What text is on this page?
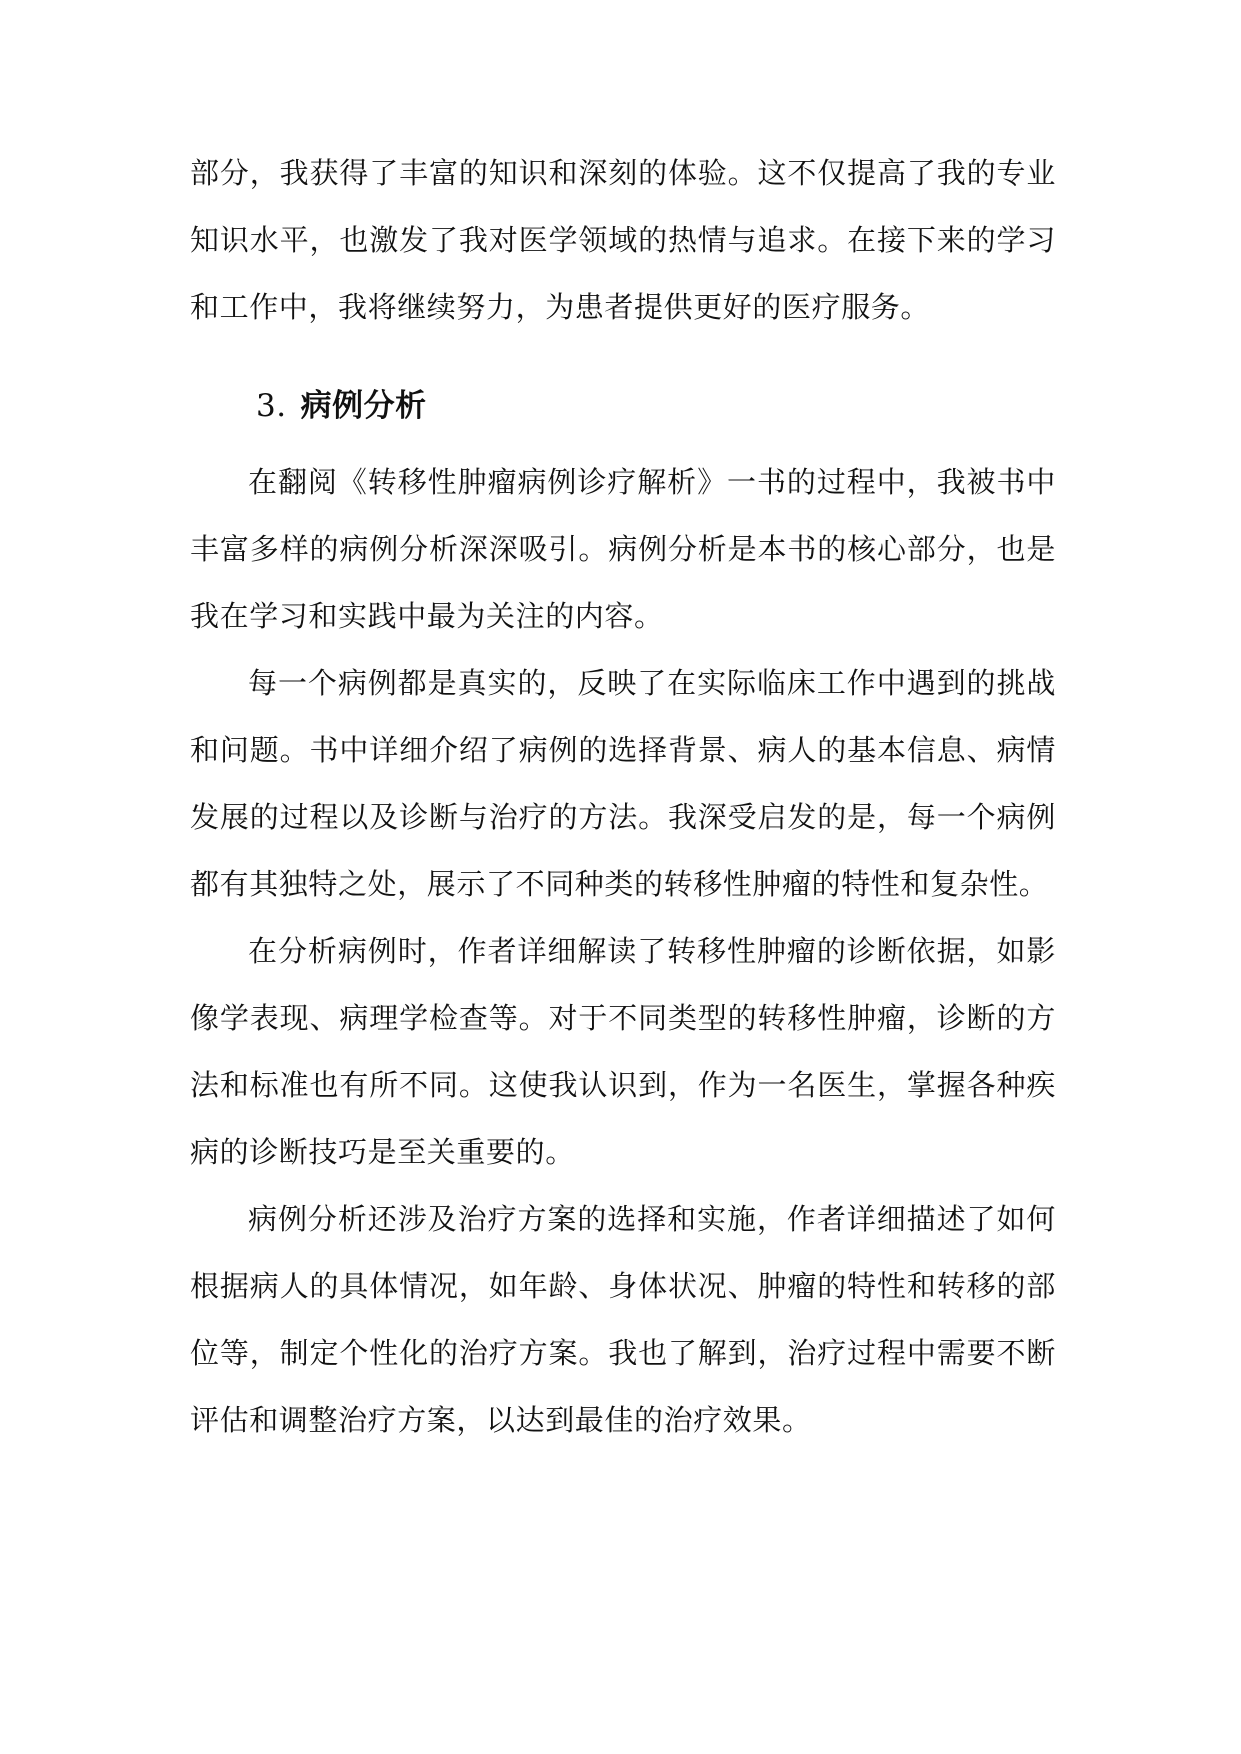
部分，我获得了丰富的知识和深刻的体验。这不仅提高了我的专业知识水平，也激发了我对医学领域的热情与追求。在接下来的学习和工作中，我将继续努力，为患者提供更好的医疗服务。

3. 病例分析

在翻阅《转移性肿瘤病例诊疗解析》一书的过程中，我被书中丰富多样的病例分析深深吸引。病例分析是本书的核心部分，也是我在学习和实践中最为关注的内容。

每一个病例都是真实的，反映了在实际临床工作中遇到的挑战和问题。书中详细介绍了病例的选择背景、病人的基本信息、病情发展的过程以及诊断与治疗的方法。我深受启发的是，每一个病例都有其独特之处，展示了不同种类的转移性肿瘤的特性和复杂性。

在分析病例时，作者详细解读了转移性肿瘤的诊断依据，如影像学表现、病理学检查等。对于不同类型的转移性肿瘤，诊断的方法和标准也有所不同。这使我认识到，作为一名医生，掌握各种疾病的诊断技巧是至关重要的。

病例分析还涉及治疗方案的选择和实施，作者详细描述了如何根据病人的具体情况，如年龄、身体状况、肿瘤的特性和转移的部位等，制定个性化的治疗方案。我也了解到，治疗过程中需要不断评估和调整治疗方案，以达到最佳的治疗效果。
